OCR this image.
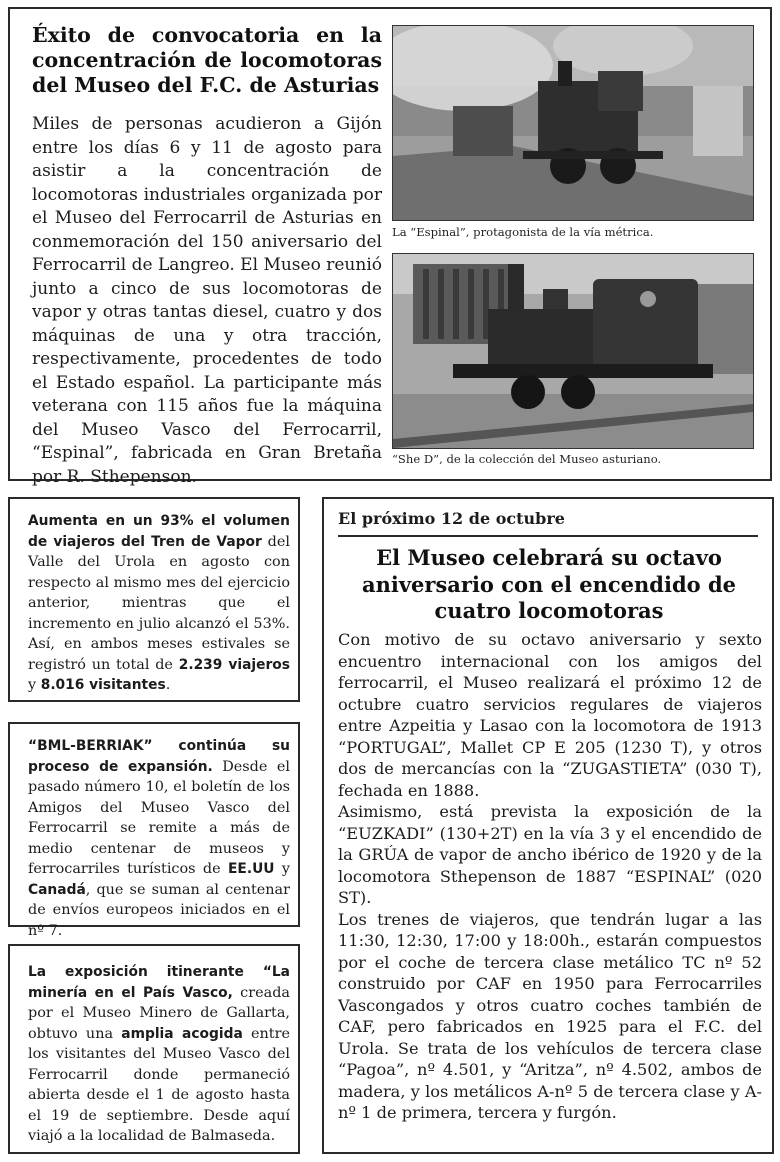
Éxito de convocatoria en la concentración de locomotoras del Museo del F.C. de Asturias
Miles de personas acudieron a Gijón entre los días 6 y 11 de agosto para asistir a la concentración de locomotoras industriales organizada por el Museo del Ferrocarril de Asturias en conmemoración del 150 aniversario del Ferrocarril de Langreo. El Museo reunió junto a cinco de sus locomotoras de vapor y otras tantas diesel, cuatro y dos máquinas de una y otra tracción, respectivamente, procedentes de todo el Estado español. La participante más veterana con 115 años fue la máquina del Museo Vasco del Ferrocarril, “Espinal”, fabricada en Gran Bretaña por R. Sthepenson.
La “Espinal”, protagonista de la vía métrica.
“She D”, de la colección del Museo asturiano.
Aumenta en un 93% el volumen de viajeros del Tren de Vapor del Valle del Urola en agosto con respecto al mismo mes del ejercicio anterior, mientras que el incremento en julio alcanzó el 53%. Así, en ambos meses estivales se registró un total de 2.239 viajeros y 8.016 visitantes.
“BML-BERRIAK” continúa su proceso de expansión. Desde el pasado número 10, el boletín de los Amigos del Museo Vasco del Ferrocarril se remite a más de medio centenar de museos y ferrocarriles turísticos de EE.UU y Canadá, que se suman al centenar de envíos europeos iniciados en el nº 7.
La exposición itinerante “La minería en el País Vasco, creada por el Museo Minero de Gallarta, obtuvo una amplia acogida entre los visitantes del Museo Vasco del Ferrocarril donde permaneció abierta desde el 1 de agosto hasta el 19 de septiembre. Desde aquí viajó a la localidad de Balmaseda.
El próximo 12 de octubre
El Museo celebrará su octavo aniversario con el encendido de cuatro locomotoras

Con motivo de su octavo aniversario y sexto encuentro internacional con los amigos del ferrocarril, el Museo realizará el próximo 12 de octubre cuatro servicios regulares de viajeros entre Azpeitia y Lasao con la locomotora de 1913 “PORTUGAL”, Mallet CP E 205 (1230 T), y otros dos de mercancías con la “ZUGASTIETA” (030 T), fechada en 1888.

Asimismo, está prevista la exposición de la “EUZKADI” (130+2T) en la vía 3 y el encendido de la GRÚA de vapor de ancho ibérico de 1920 y de la locomotora Sthepenson de 1887 “ESPINAL” (020 ST).

Los trenes de viajeros, que tendrán lugar a las 11:30, 12:30, 17:00 y 18:00h., estarán compuestos por el coche de tercera clase metálico TC nº 52 construido por CAF en 1950 para Ferrocarriles Vascongados y otros cuatro coches también de CAF, pero fabricados en 1925 para el F.C. del Urola. Se trata de los vehículos de tercera clase “Pagoa”, nº 4.501, y “Aritza”, nº 4.502, ambos de madera, y los metálicos A-nº 5 de tercera clase y A-nº 1 de primera, tercera y furgón.
